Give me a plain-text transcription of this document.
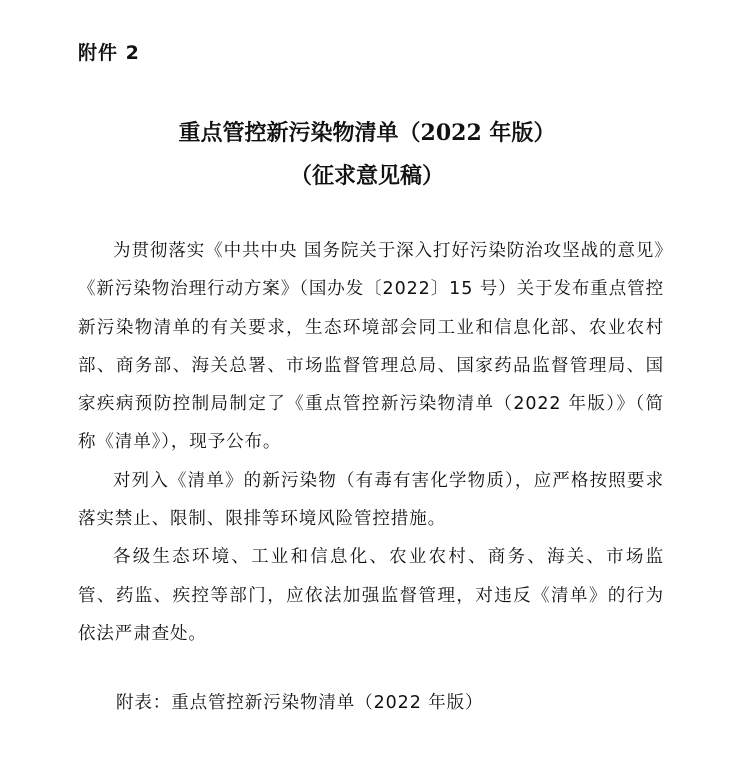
附件 2
重点管控新污染物清单（2022 年版）
（征求意见稿）

为贯彻落实《中共中央 国务院关于深入打好污染防治攻坚战的意见》《新污染物治理行动方案》（国办发〔2022〕15 号）关于发布重点管控新污染物清单的有关要求，生态环境部会同工业和信息化部、农业农村部、商务部、海关总署、市场监督管理总局、国家药品监督管理局、国家疾病预防控制局制定了《重点管控新污染物清单（2022 年版）》（简称《清单》），现予公布。

对列入《清单》的新污染物（有毒有害化学物质），应严格按照要求落实禁止、限制、限排等环境风险管控措施。

各级生态环境、工业和信息化、农业农村、商务、海关、市场监管、药监、疾控等部门，应依法加强监督管理，对违反《清单》的行为依法严肃查处。

附表：重点管控新污染物清单（2022 年版）
